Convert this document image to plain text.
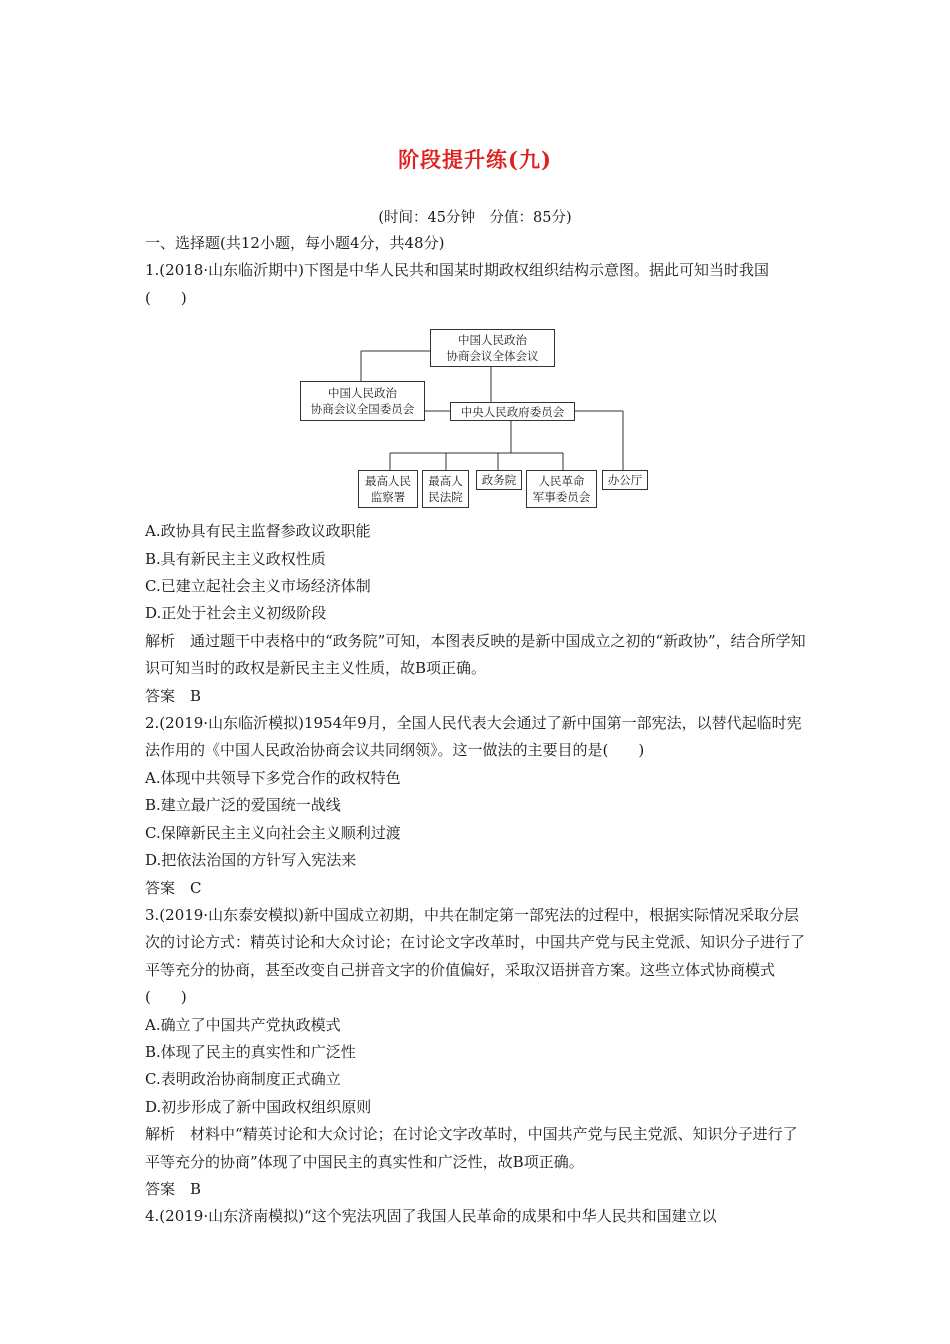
阶段提升练(九)
(时间：45分钟　分值：85分)

一、选择题(共12小题，每小题4分，共48分)

1.(2018·山东临沂期中)下图是中华人民共和国某时期政权组织结构示意图。据此可知当时我国(　　)

中国人民政治
协商会议全体会议
中国人民政治
协商会议全国委员会	中央人民政府委员会
最高人民
监察署
最高人
民法院
政务院 人民革命
军事委员会
办公厅

A.政协具有民主监督参政议政职能

B.具有新民主主义政权性质

C.已建立起社会主义市场经济体制

D.正处于社会主义初级阶段

解析　通过题干中表格中的“政务院”可知，本图表反映的是新中国成立之初的“新政协”，结合所学知识可知当时的政权是新民主主义性质，故B项正确。

答案　B

2.(2019·山东临沂模拟)1954年9月，全国人民代表大会通过了新中国第一部宪法，以替代起临时宪法作用的《中国人民政治协商会议共同纲领》。这一做法的主要目的是(　　)

A.体现中共领导下多党合作的政权特色

B.建立最广泛的爱国统一战线

C.保障新民主主义向社会主义顺利过渡

D.把依法治国的方针写入宪法来

答案　C

3.(2019·山东泰安模拟)新中国成立初期，中共在制定第一部宪法的过程中，根据实际情况采取分层次的讨论方式：精英讨论和大众讨论；在讨论文字改革时，中国共产党与民主党派、知识分子进行了平等充分的协商，甚至改变自己拼音文字的价值偏好，采取汉语拼音方案。这些立体式协商模式(　　)

A.确立了中国共产党执政模式

B.体现了民主的真实性和广泛性

C.表明政治协商制度正式确立

D.初步形成了新中国政权组织原则

解析　材料中“精英讨论和大众讨论；在讨论文字改革时，中国共产党与民主党派、知识分子进行了平等充分的协商”体现了中国民主的真实性和广泛性，故B项正确。

答案　B

4.(2019·山东济南模拟)“这个宪法巩固了我国人民革命的成果和中华人民共和国建立以
